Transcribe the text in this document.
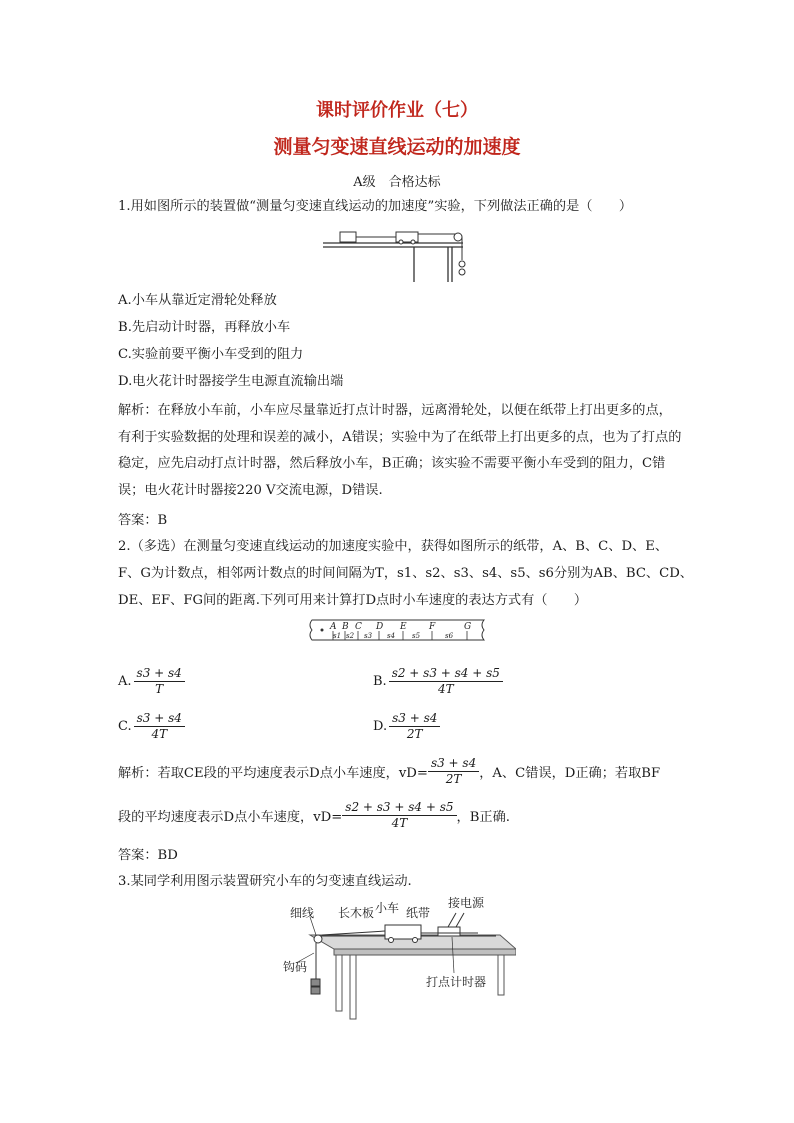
课时评价作业（七）
测量匀变速直线运动的加速度
A级　合格达标
1.用如图所示的装置做“测量匀变速直线运动的加速度”实验，下列做法正确的是（　　）
A.小车从靠近定滑轮处释放
B.先启动计时器，再释放小车
C.实验前要平衡小车受到的阻力
D.电火花计时器接学生电源直流输出端
解析：在释放小车前，小车应尽量靠近打点计时器，远离滑轮处，以便在纸带上打出更多的点，有利于实验数据的处理和误差的减小，A错误；实验中为了在纸带上打出更多的点，也为了打点的稳定，应先启动打点计时器，然后释放小车，B正确；该实验不需要平衡小车受到的阻力，C错误；电火花计时器接220 V交流电源，D错误.
答案：B
2.（多选）在测量匀变速直线运动的加速度实验中，获得如图所示的纸带，A、B、C、D、E、
F、G为计数点，相邻两计数点的时间间隔为T，s1、s2、s3、s4、s5、s6分别为AB、BC、CD、
DE、EF、FG间的距离.下列可用来计算打D点时小车速度的表达方式有（　　）
A B C D E F	G
s1 s2 s3 s4 s5	s6
A. $\frac{s3 + s4}{T}$	B. $\frac{s2 + s3 + s4 + s5}{4T}$
C. $\frac{s3 + s4}{4T}$	D. $\frac{s3 + s4}{2T}$
解析：若取CE段的平均速度表示D点小车速度，$vD= \frac{s3 + s4}{2T}$ ，A、C错误，D正确；若取BF
段的平均速度表示D点小车速度，$vD= \frac{s2 + s3 + s4 + s5}{4T}$ ，B正确.
答案：BD
3.某同学利用图示装置研究小车的匀变速直线运动.
细线 长木板 小车 纸带
接电源
钩码
打点计时器
